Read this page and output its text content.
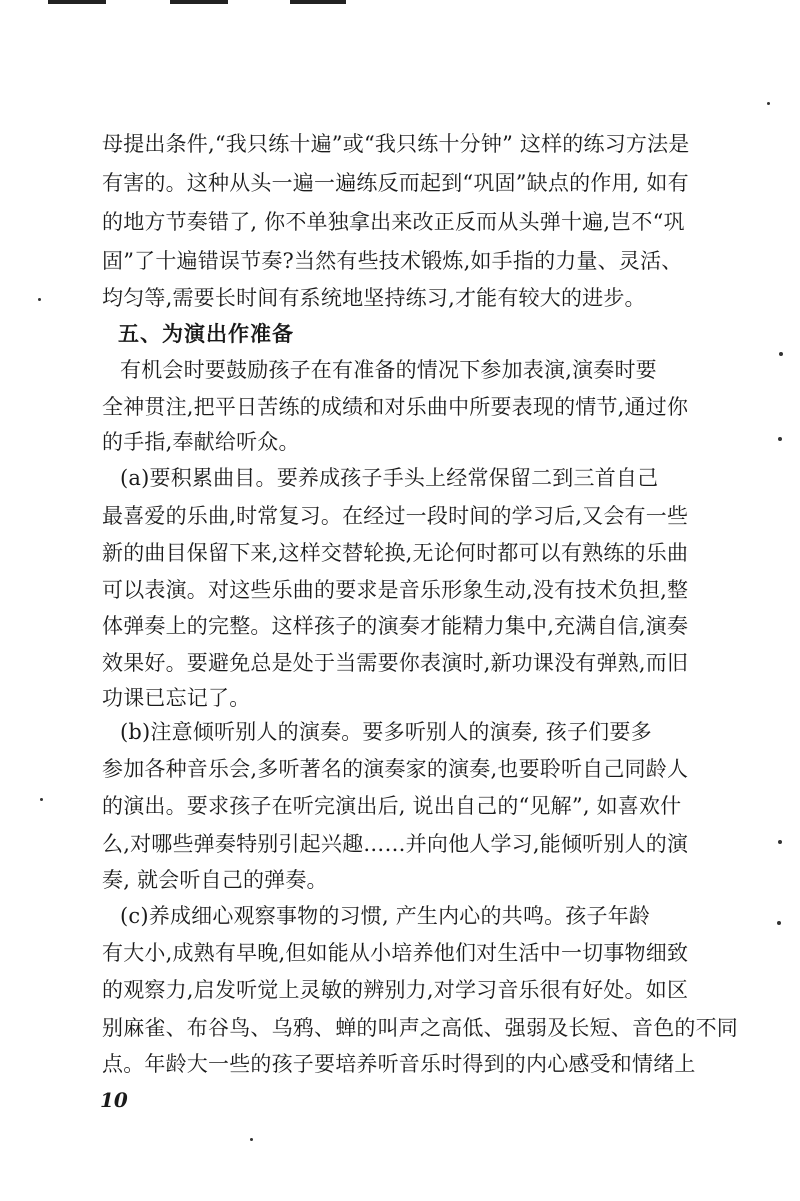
母提出条件,“我只练十遍”或“我只练十分钟” 这样的练习方法是
有害的。这种从头一遍一遍练反而起到“巩固”缺点的作用, 如有
的地方节奏错了, 你不单独拿出来改正反而从头弹十遍,岂不“巩
固”了十遍错误节奏?当然有些技术锻炼,如手指的力量、灵活、
均匀等,需要长时间有系统地坚持练习,才能有较大的进步。
五、为演出作准备
有机会时要鼓励孩子在有准备的情况下参加表演,演奏时要
全神贯注,把平日苦练的成绩和对乐曲中所要表现的情节,通过你
的手指,奉献给听众。
(a)要积累曲目。要养成孩子手头上经常保留二到三首自己
最喜爱的乐曲,时常复习。在经过一段时间的学习后,又会有一些
新的曲目保留下来,这样交替轮换,无论何时都可以有熟练的乐曲
可以表演。对这些乐曲的要求是音乐形象生动,没有技术负担,整
体弹奏上的完整。这样孩子的演奏才能精力集中,充满自信,演奏
效果好。要避免总是处于当需要你表演时,新功课没有弹熟,而旧
功课已忘记了。
(b)注意倾听别人的演奏。要多听别人的演奏, 孩子们要多
参加各种音乐会,多听著名的演奏家的演奏,也要聆听自己同龄人
的演出。要求孩子在听完演出后, 说出自己的“见解”, 如喜欢什
么,对哪些弹奏特别引起兴趣……并向他人学习,能倾听别人的演
奏, 就会听自己的弹奏。
(c)养成细心观察事物的习惯, 产生内心的共鸣。孩子年龄
有大小,成熟有早晚,但如能从小培养他们对生活中一切事物细致
的观察力,启发听觉上灵敏的辨别力,对学习音乐很有好处。如区
别麻雀、布谷鸟、乌鸦、蝉的叫声之高低、强弱及长短、音色的不同
点。年龄大一些的孩子要培养听音乐时得到的内心感受和情绪上
10
